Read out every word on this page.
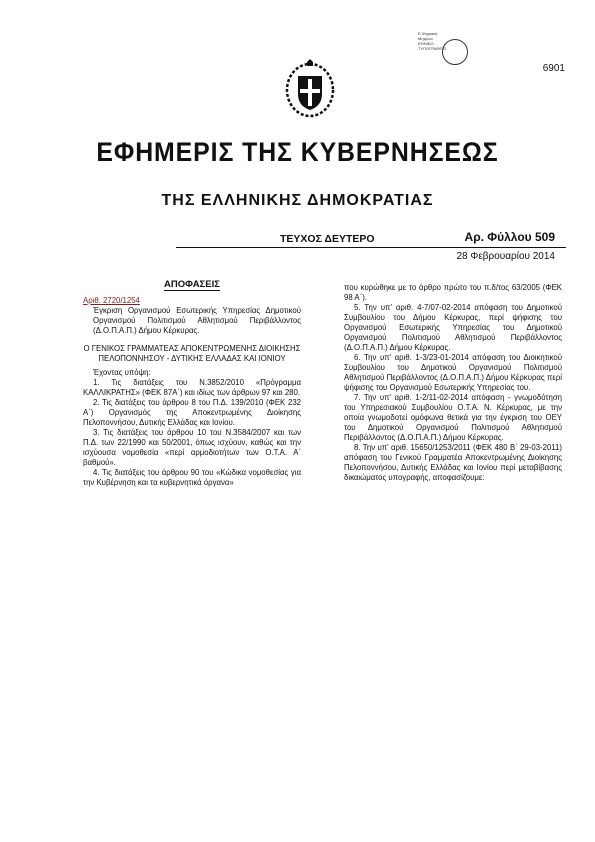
6901
Ε.Ψηφιακή
Μητρώο
ΕΘΝΙΚΟ
ΤΥΠΟΓΡΑΦΕΙΟ
ΕΦΗΜΕΡΙΣ ΤΗΣ ΚΥΒΕΡΝΗΣΕΩΣ
ΤΗΣ ΕΛΛΗΝΙΚΗΣ ΔΗΜΟΚΡΑΤΙΑΣ
ΤΕΥΧΟΣ ΔΕΥΤΕΡΟ	Αρ. Φύλλου 509
28 Φεβρουαρίου 2014

ΑΠΟΦΑΣΕΙΣ

Αριθ. 2720/1254

Έγκριση Οργανισμού Εσωτερικής Υπηρεσίας Δημοτικού Οργανισμού Πολιτισμού Αθλητισμού Περιβάλλοντος (Δ.Ο.Π.Α.Π.) Δήμου Κέρκυρας.

Ο ΓΕΝΙΚΟΣ ΓΡΑΜΜΑΤΕΑΣ ΑΠΟΚΕΝΤΡΩΜΕΝΗΣ ΔΙΟΙΚΗΣΗΣ ΠΕΛΟΠΟΝΝΗΣΟΥ - ΔΥΤΙΚΗΣ ΕΛΛΑΔΑΣ ΚΑΙ ΙΟΝΙΟΥ

Έχοντας υπόψη:

1. Τις διατάξεις του Ν.3852/2010 «Πρόγραμμα ΚΑΛΛΙΚΡΑΤΗΣ» (ΦΕΚ 87Α΄) και ιδίως των άρθρων 97 και 280.

2. Τις διατάξεις του άρθρου 8 του Π.Δ. 139/2010 (ΦΕΚ 232 Α΄) Οργανισμός της Αποκεντρωμένης Διοίκησης Πελοποννήσου, Δυτικής Ελλάδας και Ιονίου.

3. Τις διατάξεις του άρθρου 10 του Ν.3584/2007 και των Π.Δ. των 22/1990 και 50/2001, όπως ισχύουν, καθώς και την ισχύουσα νομοθεσία «περί αρμοδιοτήτων των Ο.Τ.Α. Α΄ βαθμού».

4. Τις διατάξεις του άρθρου 90 του «Κώδικα νομοθεσίας για την Κυβέρνηση και τα κυβερνητικά όργανα»

που κυρώθηκε με το άρθρο πρώτο του π.δ/τος 63/2005 (ΦΕΚ 98 Α΄).

5. Την υπ' αριθ. 4-7/07-02-2014 απόφαση του Δημοτικού Συμβουλίου του Δήμου Κέρκυρας, περί ψήφισης του Οργανισμού Εσωτερικής Υπηρεσίας του Δημοτικού Οργανισμού Πολιτισμού Αθλητισμού Περιβάλλοντος (Δ.Ο.Π.Α.Π.) Δήμου Κέρκυρας.

6. Την υπ' αριθ. 1-3/23-01-2014 απόφαση του Διοικητικού Συμβουλίου του Δημοτικού Οργανισμού Πολιτισμού Αθλητισμού Περιβάλλοντος (Δ.Ο.Π.Α.Π.) Δήμου Κέρκυρας περί ψήφισης του Οργανισμού Εσωτερικής Υπηρεσίας του.

7. Την υπ' αριθ. 1-2/11-02-2014 απόφαση - γνωμοδότηση του Υπηρεσιακού Συμβουλίου Ο.Τ.Α. Ν. Κέρκυρας, με την οποία γνωμοδοτεί ομόφωνα θετικά για την έγκριση του ΟΕΥ του Δημοτικού Οργανισμού Πολιτισμού Αθλητισμού Περιβάλλοντος (Δ.Ο.Π.Α.Π.) Δήμου Κέρκυρας.

8. Την υπ' αριθ. 15650/1253/2011 (ΦΕΚ 480 Β΄ 29-03-2011) απόφαση του Γενικού Γραμματέα Αποκεντρωμένης Διοίκησης Πελοποννήσου, Δυτικής Ελλάδας και Ιονίου περί μεταβίβασης δικαιώματος υπογραφής, αποφασίζουμε:
